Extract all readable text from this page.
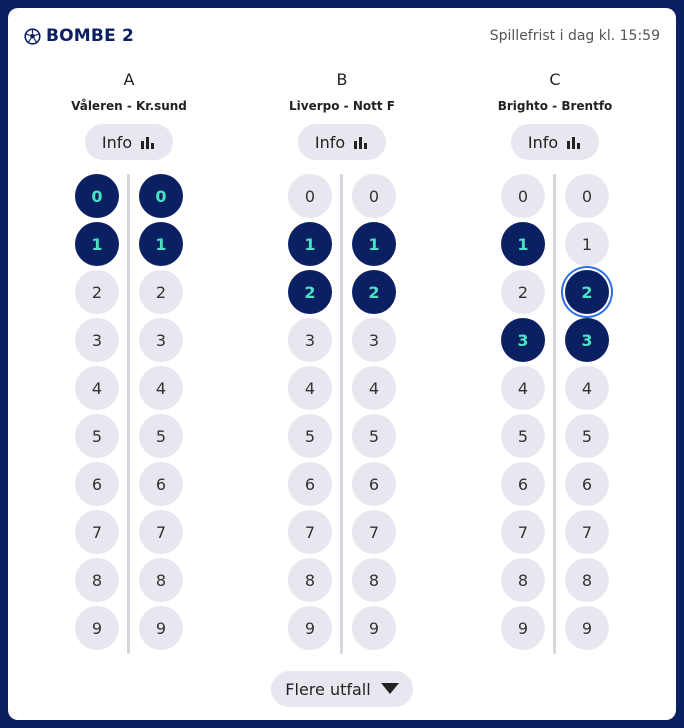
BOMBE 2	Spillefrist i dag kl. 15:59
A
Våleren - Kr.sund
Info
0
1
2
3
4
5
6
7
8
9
0
1
2
3
4
5
6
7
8
9
B
Liverpo - Nott F
Info
0
1
2
3
4
5
6
7
8
9
0
1
2
3
4
5
6
7
8
9
C
Brighto - Brentfo
Info
0
1
2
3
4
5
6
7
8
9
0
1
2
3
4
5
6
7
8
9
Flere utfall
